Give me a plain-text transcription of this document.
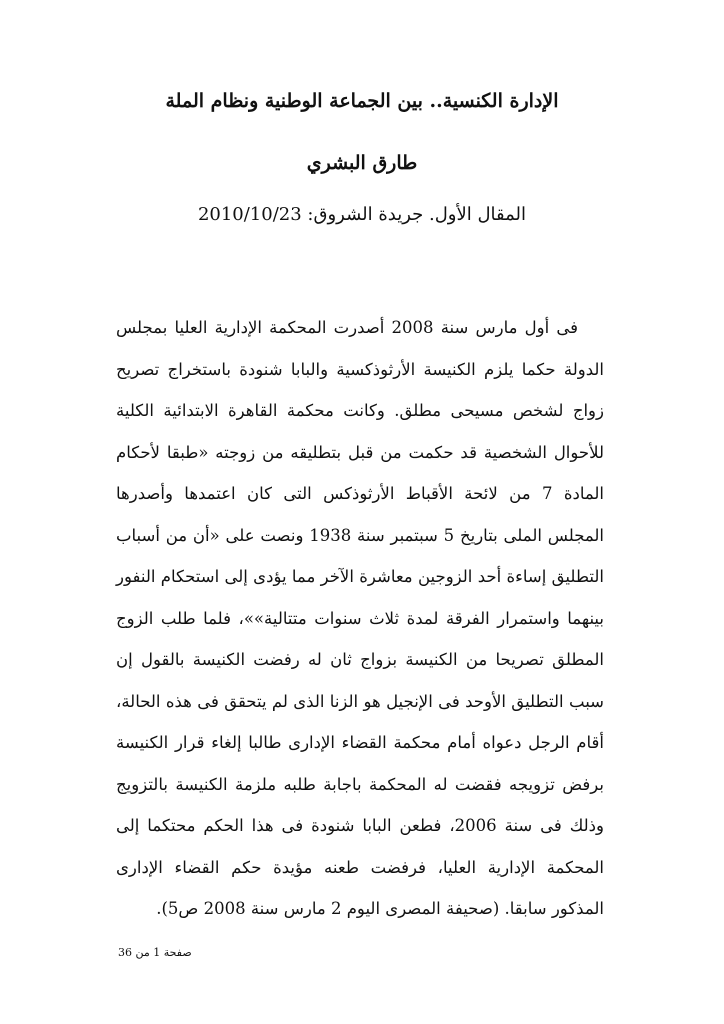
الإدارة الكنسية.. بين الجماعة الوطنية ونظام الملة
طارق البشري
المقال الأول. جريدة الشروق: 2010/10/23

فى أول مارس سنة 2008 أصدرت المحكمة الإدارية العليا بمجلس الدولة حكما يلزم الكنيسة الأرثوذكسية والبابا شنودة باستخراج تصريح زواج لشخص مسيحى مطلق. وكانت محكمة القاهرة الابتدائية الكلية للأحوال الشخصية قد حكمت من قبل بتطليقه من زوجته «طبقا لأحكام المادة 7 من لائحة الأقباط الأرثوذكس التى كان اعتمدها وأصدرها المجلس الملى بتاريخ 5 سبتمبر سنة 1938 ونصت على «أن من أسباب التطليق إساءة أحد الزوجين معاشرة الآخر مما يؤدى إلى استحكام النفور بينهما واستمرار الفرقة لمدة ثلاث سنوات متتالية»»، فلما طلب الزوج المطلق تصريحا من الكنيسة بزواج ثان له رفضت الكنيسة بالقول إن سبب التطليق الأوحد فى الإنجيل هو الزنا الذى لم يتحقق فى هذه الحالة، أقام الرجل دعواه أمام محكمة القضاء الإدارى طالبا إلغاء قرار الكنيسة برفض تزويجه فقضت له المحكمة باجابة طلبه ملزمة الكنيسة بالتزويج وذلك فى سنة 2006، فطعن البابا شنودة فى هذا الحكم محتكما إلى المحكمة الإدارية العليا، فرفضت طعنه مؤيدة حكم القضاء الإدارى المذكور سابقا. (صحيفة المصرى اليوم 2 مارس سنة 2008 ص5).

صفحة 1 من 36
